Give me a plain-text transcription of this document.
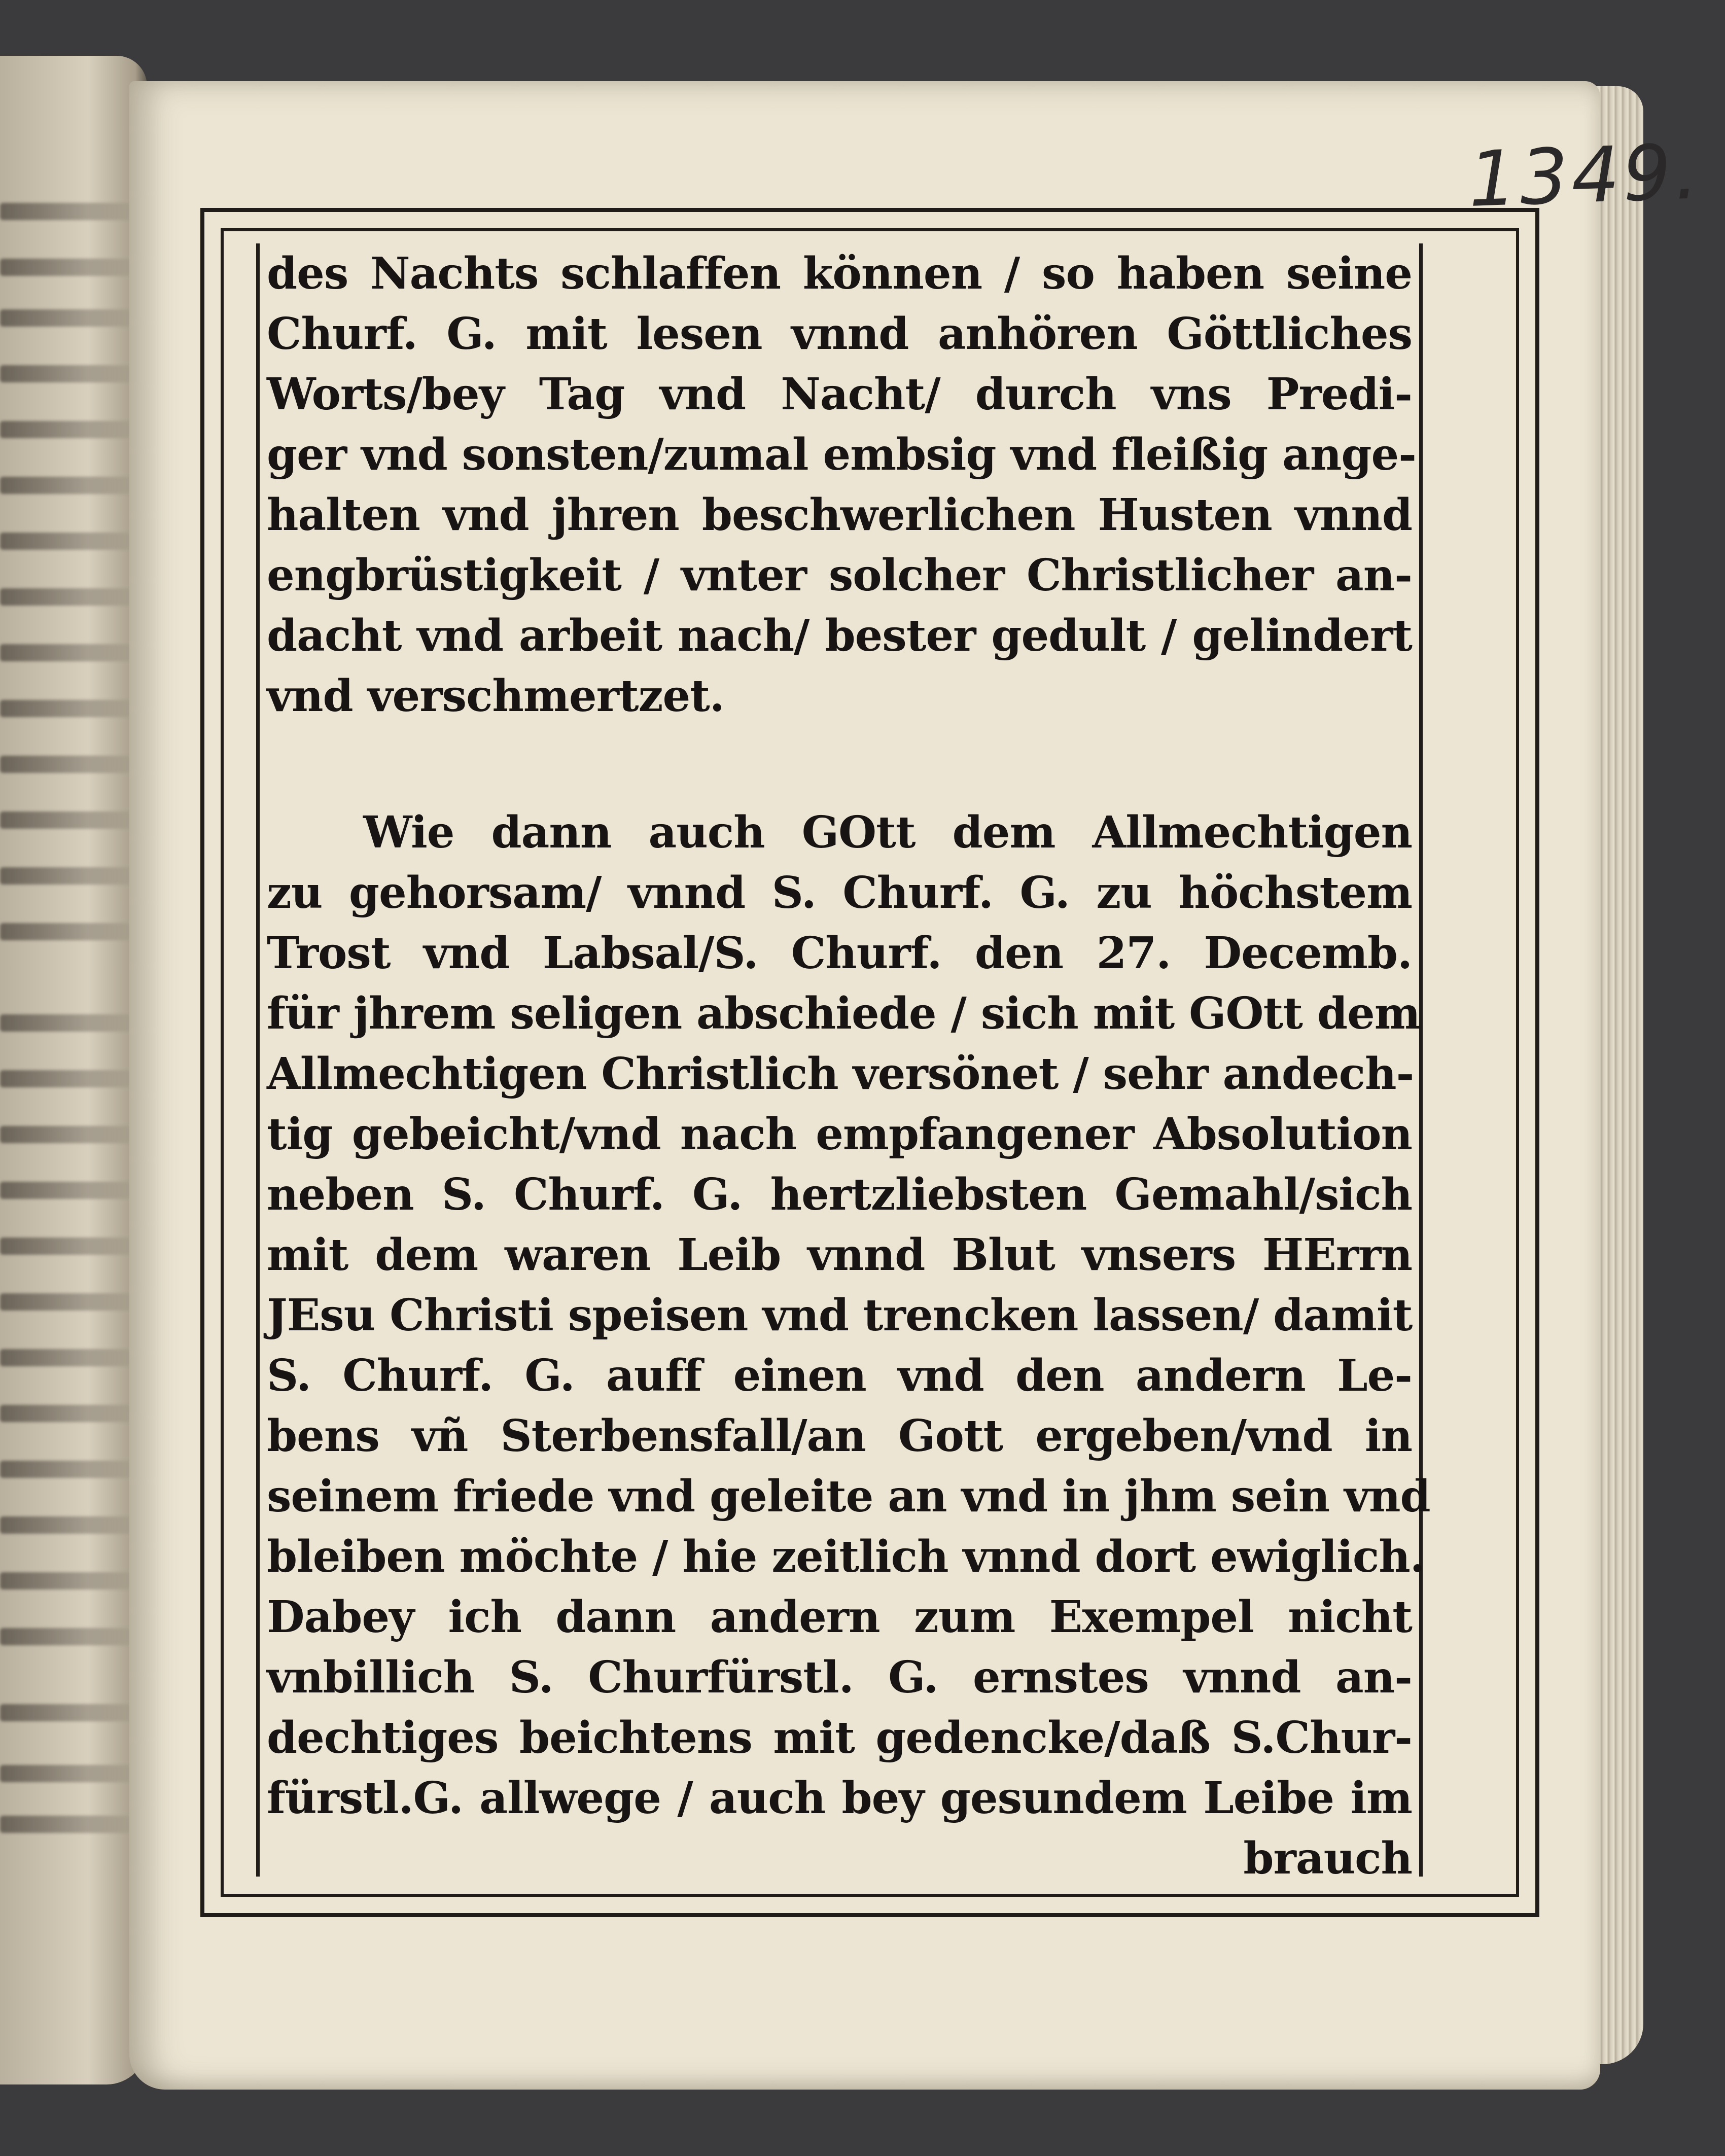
1349.
des Nachts schlaffen können / so haben seine
Churf. G. mit lesen vnnd anhören Göttliches
Worts/bey Tag vnd Nacht/ durch vns Predi-
ger vnd sonsten/zumal embsig vnd fleißig ange-
halten vnd jhren beschwerlichen Husten vnnd
engbrüstigkeit / vnter solcher Christlicher an-
dacht vnd arbeit nach/ bester gedult / gelindert
vnd verschmertzet.
Wie dann auch GOtt dem Allmechtigen
zu gehorsam/ vnnd S. Churf. G. zu höchstem
Trost vnd Labsal/S. Churf. den 27. Decemb.
für jhrem seligen abschiede / sich mit GOtt dem
Allmechtigen Christlich versönet / sehr andech-
tig gebeicht/vnd nach empfangener Absolution
neben S. Churf. G. hertzliebsten Gemahl/sich
mit dem waren Leib vnnd Blut vnsers HErrn
JEsu Christi speisen vnd trencken lassen/ damit
S. Churf. G. auff einen vnd den andern Le-
bens vñ Sterbensfall/an Gott ergeben/vnd in
seinem friede vnd geleite an vnd in jhm sein vnd
bleiben möchte / hie zeitlich vnnd dort ewiglich.
Dabey ich dann andern zum Exempel nicht
vnbillich S. Churfürstl. G. ernstes vnnd an-
dechtiges beichtens mit gedencke/daß S.Chur-
fürstl.G. allwege / auch bey gesundem Leibe im
brauch
